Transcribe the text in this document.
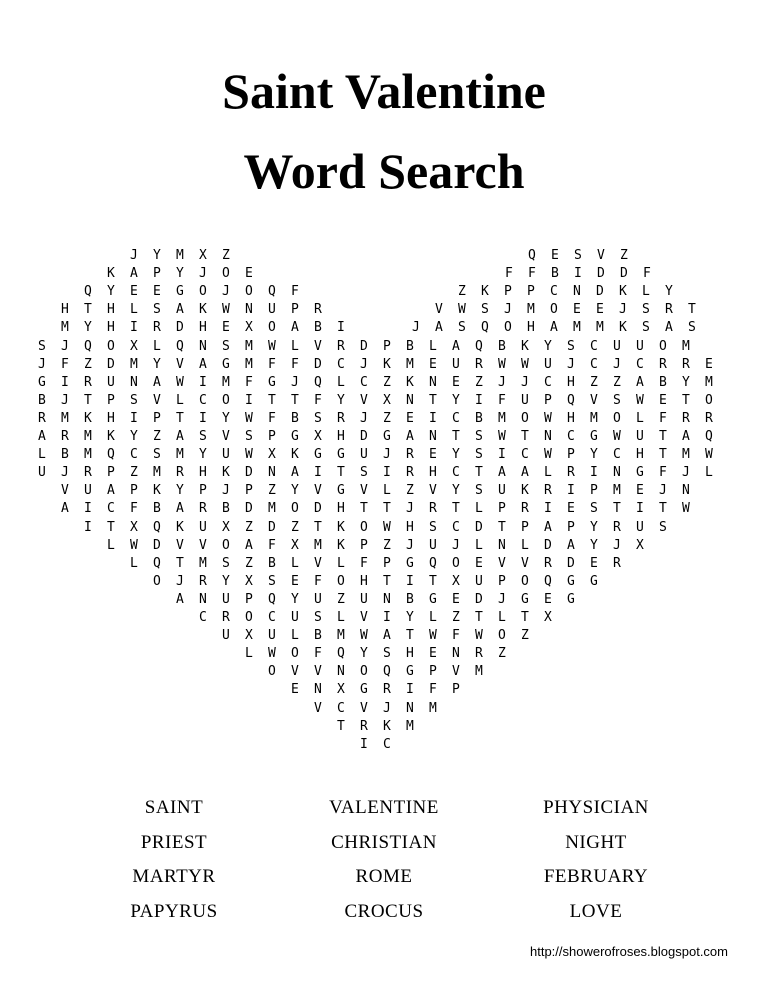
Saint Valentine
Word Search
J Y M X Z	Q E S V Z
K A P Y J O E	F F B I D D F
Q Y E E G O J O Q F	Z K P P C N D K L Y
H T H L S A K W N U P R	V W S J M O E E J S R T
M Y H I R D H E X O A B I	J A S Q O H A M M K S A S
S J Q O X L Q N S M W L V R D P B L A Q B K Y S C U U O M
J F Z D M Y V A G M F F D C J K M E U R W W U J C J C R R E
G I R U N A W I M F G J Q L C Z K N E Z J J C H Z Z A B Y M
B J T P S V L C O I T T F Y V X N T Y I F U P Q V S W E T O
R M K H I P T I Y W F B S R J Z E I C B M O W H M O L F R R
A R M K Y Z A S V S P G X H D G A N T S W T N C G W U T A Q
L B M Q C S M Y U W X K G G U J R E Y S I C W P Y C H T M W
U J R P Z M R H K D N A I T S I R H C T A A L R I N G F J L
V U A P K Y P J P Z Y V G V L Z V Y S U K R I P M E J N
A I C F B A R B D M O D H T T J R T L P R I E S T I T W
I T X Q K U X Z D Z T K O W H S C D T P A P Y R U S
L W D V V O A F X M K P Z J U J L N L D A Y J X
L Q T M S Z B L V L F P G Q O E V V R D E R
O J R Y X S E F O H T I T X U P O Q G G
A N U P Q Y U Z U N B G E D J G E G
C R O C U S L V I Y L Z T L T X
U X U L B M W A T W F W O Z
L W O F Q Y S H E N R Z
O V V N O Q G P V M
E N X G R I F P
V C V J N M
T R K M
I C
SAINT	VALENTINE	PHYSICIAN
PRIEST	CHRISTIAN	NIGHT
MARTYR	ROME	FEBRUARY
PAPYRUS	CROCUS	LOVE
http://showerofroses.blogspot.com
